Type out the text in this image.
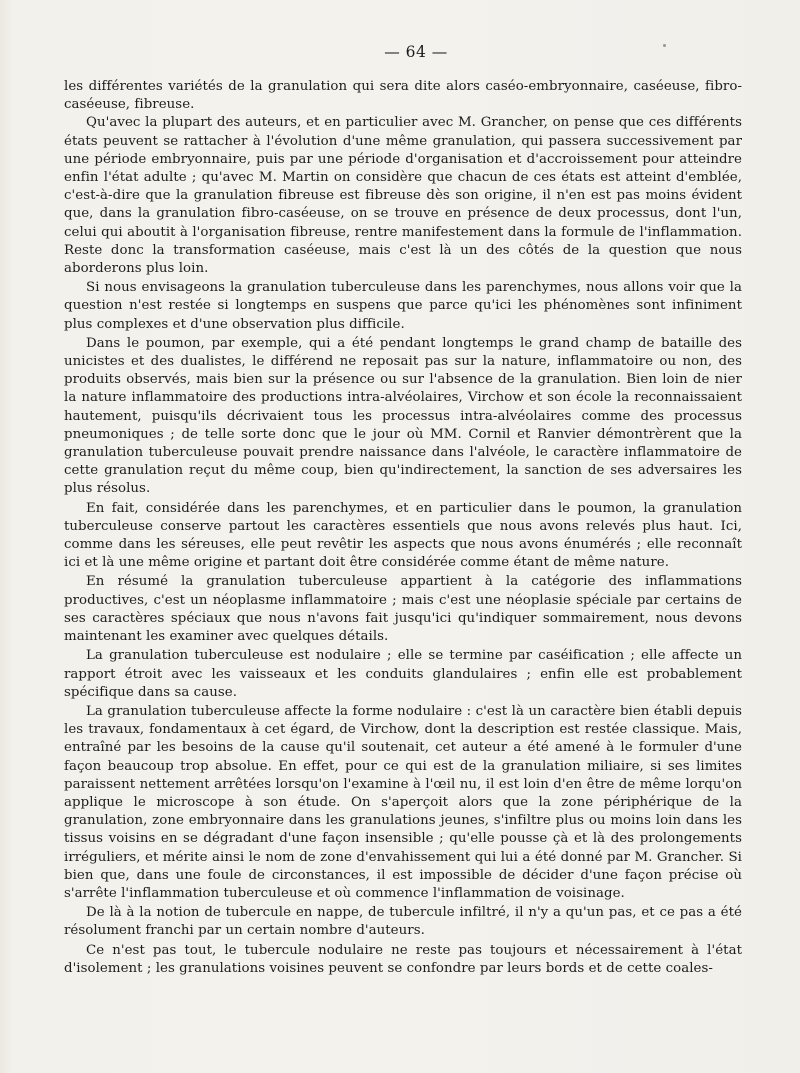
— 64 —

les différentes variétés de la granulation qui sera dite alors caséo-embryonnaire, caséeuse, fibro-caséeuse, fibreuse.

Qu'avec la plupart des auteurs, et en particulier avec M. Grancher, on pense que ces différents états peuvent se rattacher à l'évolution d'une même granulation, qui passera successivement par une période embryonnaire, puis par une période d'organisation et d'accroissement pour atteindre enfin l'état adulte ; qu'avec M. Martin on considère que chacun de ces états est atteint d'emblée, c'est-à-dire que la granulation fibreuse est fibreuse dès son origine, il n'en est pas moins évident que, dans la granulation fibro-caséeuse, on se trouve en présence de deux processus, dont l'un, celui qui aboutit à l'organisation fibreuse, rentre manifestement dans la formule de l'inflammation. Reste donc la transformation caséeuse, mais c'est là un des côtés de la question que nous aborderons plus loin.

Si nous envisageons la granulation tuberculeuse dans les parenchymes, nous allons voir que la question n'est restée si longtemps en suspens que parce qu'ici les phénomènes sont infiniment plus complexes et d'une observation plus difficile.

Dans le poumon, par exemple, qui a été pendant longtemps le grand champ de bataille des unicistes et des dualistes, le différend ne reposait pas sur la nature, inflammatoire ou non, des produits observés, mais bien sur la présence ou sur l'absence de la granulation. Bien loin de nier la nature inflammatoire des productions intra-alvéolaires, Virchow et son école la reconnaissaient hautement, puisqu'ils décrivaient tous les processus intra-alvéolaires comme des processus pneumoniques ; de telle sorte donc que le jour où MM. Cornil et Ranvier démontrèrent que la granulation tuberculeuse pouvait prendre naissance dans l'alvéole, le caractère inflammatoire de cette granulation reçut du même coup, bien qu'indirectement, la sanction de ses adversaires les plus résolus.

En fait, considérée dans les parenchymes, et en particulier dans le poumon, la granulation tuberculeuse conserve partout les caractères essentiels que nous avons relevés plus haut. Ici, comme dans les séreuses, elle peut revêtir les aspects que nous avons énumérés ; elle reconnaît ici et là une même origine et partant doit être considérée comme étant de même nature.

En résumé la granulation tuberculeuse appartient à la catégorie des inflammations productives, c'est un néoplasme inflammatoire ; mais c'est une néoplasie spéciale par certains de ses caractères spéciaux que nous n'avons fait jusqu'ici qu'indiquer sommairement, nous devons maintenant les examiner avec quelques détails.

La granulation tuberculeuse est nodulaire ; elle se termine par caséification ; elle affecte un rapport étroit avec les vaisseaux et les conduits glandulaires ; enfin elle est probablement spécifique dans sa cause.

La granulation tuberculeuse affecte la forme nodulaire : c'est là un caractère bien établi depuis les travaux, fondamentaux à cet égard, de Virchow, dont la description est restée classique. Mais, entraîné par les besoins de la cause qu'il soutenait, cet auteur a été amené à le formuler d'une façon beaucoup trop absolue. En effet, pour ce qui est de la granulation miliaire, si ses limites paraissent nettement arrêtées lorsqu'on l'examine à l'œil nu, il est loin d'en être de même lorqu'on applique le microscope à son étude. On s'aperçoit alors que la zone périphérique de la granulation, zone embryonnaire dans les granulations jeunes, s'infiltre plus ou moins loin dans les tissus voisins en se dégradant d'une façon insensible ; qu'elle pousse çà et là des prolongements irréguliers, et mérite ainsi le nom de zone d'envahissement qui lui a été donné par M. Grancher. Si bien que, dans une foule de circonstances, il est impossible de décider d'une façon précise où s'arrête l'inflammation tuberculeuse et où commence l'inflammation de voisinage.

De là à la notion de tubercule en nappe, de tubercule infiltré, il n'y a qu'un pas, et ce pas a été résolument franchi par un certain nombre d'auteurs.

Ce n'est pas tout, le tubercule nodulaire ne reste pas toujours et nécessairement à l'état d'isolement ; les granulations voisines peuvent se confondre par leurs bords et de cette coales-
